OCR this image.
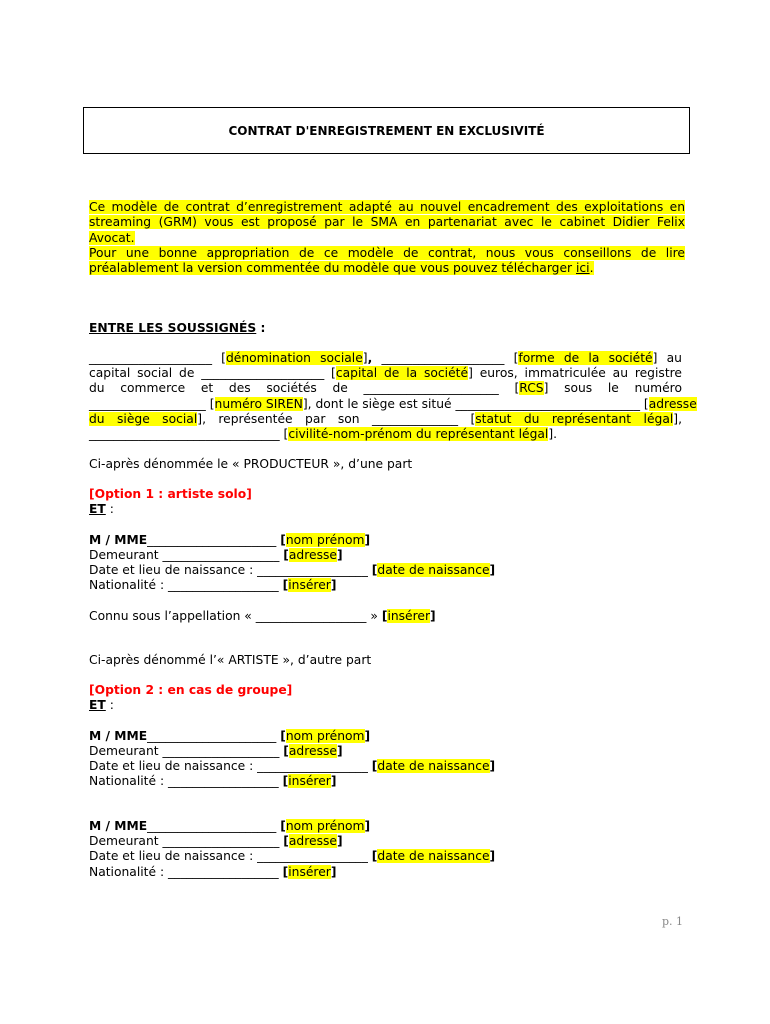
CONTRAT D'ENREGISTREMENT EN EXCLUSIVITÉ

Ce modèle de contrat d’enregistrement adapté au nouvel encadrement des exploitations en

streaming (GRM) vous est proposé par le SMA en partenariat avec le cabinet Didier Felix

Avocat.

Pour une bonne appropriation de ce modèle de contrat, nous vous conseillons de lire

préalablement la version commentée du modèle que vous pouvez télécharger ici.

ENTRE LES SOUSSIGNÉS :
____________________ [dénomination sociale], ____________________ [forme de la société] au
capital social de ____________________ [capital de la société] euros, immatriculée au registre
du commerce et des sociétés de ______________________ [RCS] sous le numéro
___________________ [numéro SIREN], dont le siège est situé ______________________________ [adresse
du siège social], représentée par son ______________ [statut du représentant légal],
_______________________________ [civilité-nom-prénom du représentant légal].
Ci-après dénommée le « PRODUCTEUR », d’une part
[Option 1 : artiste solo]
ET :
M / MME_____________________ [nom prénom]
Demeurant ___________________ [adresse]
Date et lieu de naissance : __________________ [date de naissance]
Nationalité : __________________ [insérer]
Connu sous l’appellation « __________________ » [insérer]
Ci-après dénommé l’« ARTISTE », d’autre part
[Option 2 : en cas de groupe]
ET :
M / MME_____________________ [nom prénom]
Demeurant ___________________ [adresse]
Date et lieu de naissance : __________________ [date de naissance]
Nationalité : __________________ [insérer]
M / MME_____________________ [nom prénom]
Demeurant ___________________ [adresse]
Date et lieu de naissance : __________________ [date de naissance]
Nationalité : __________________ [insérer]
p. 1
